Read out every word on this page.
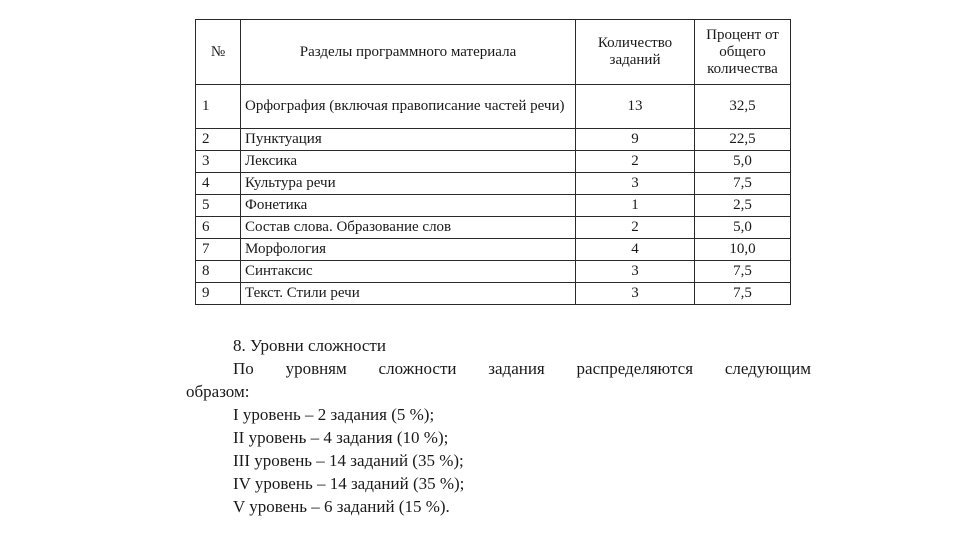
№	Разделы программного материала	Количество заданий	Процент от общего количества
1	Орфография (включая правописание частей речи)	13	32,5
2	Пунктуация	9	22,5
3	Лексика	2	5,0
4	Культура речи	3	7,5
5	Фонетика	1	2,5
6	Состав слова. Образование слов	2	5,0
7	Морфология	4	10,0
8	Синтаксис	3	7,5
9	Текст. Стили речи	3	7,5

8. Уровни сложности

По уровням сложности задания распределяются следующим

образом:

I уровень – 2 задания (5 %);

II уровень – 4 задания (10 %);

III уровень – 14 заданий (35 %);

IV уровень – 14 заданий (35 %);

V уровень – 6 заданий (15 %).
